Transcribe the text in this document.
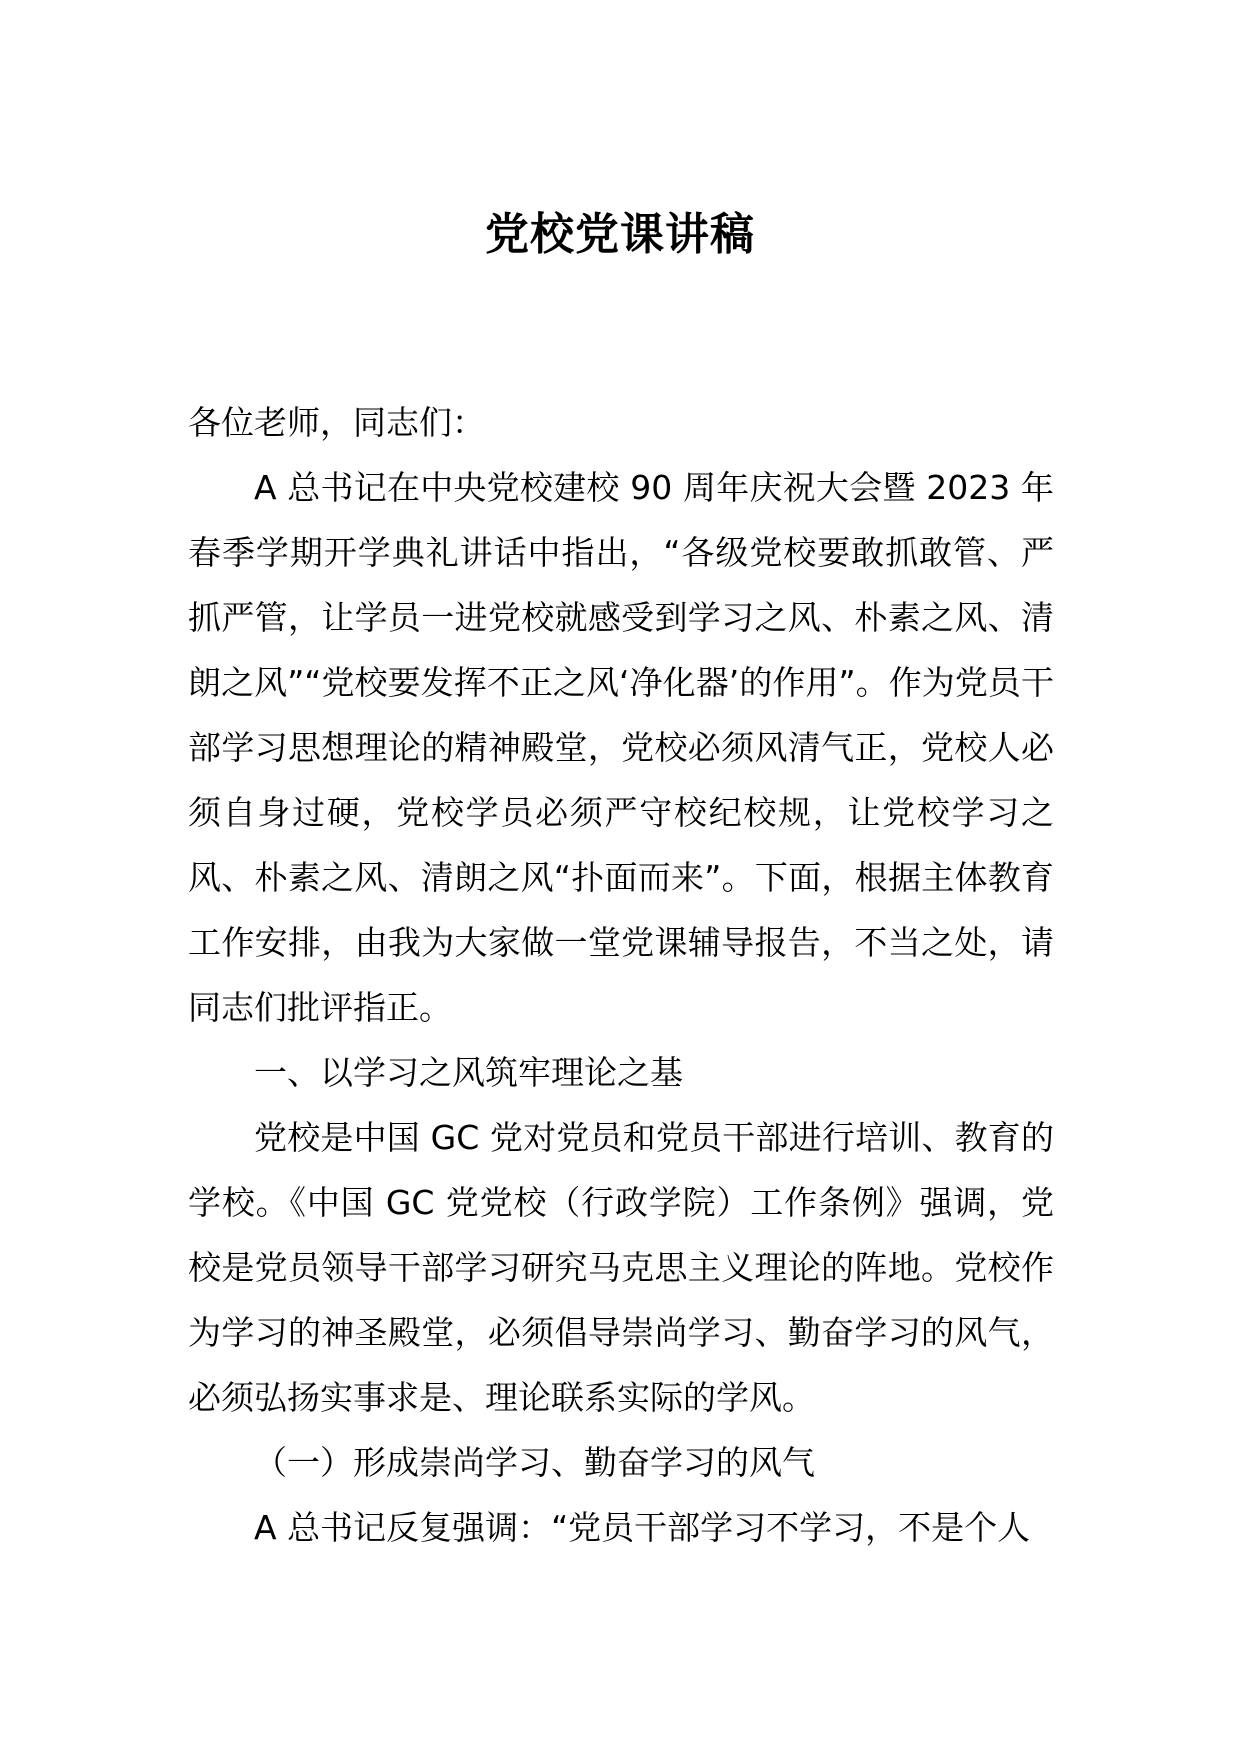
党校党课讲稿

各位老师，同志们：

A 总书记在中央党校建校 90 周年庆祝大会暨 2023 年春季学期开学典礼讲话中指出，“各级党校要敢抓敢管、严抓严管，让学员一进党校就感受到学习之风、朴素之风、清朗之风”“党校要发挥不正之风‘净化器’的作用”。作为党员干部学习思想理论的精神殿堂，党校必须风清气正，党校人必须自身过硬，党校学员必须严守校纪校规，让党校学习之风、朴素之风、清朗之风“扑面而来”。下面，根据主体教育工作安排，由我为大家做一堂党课辅导报告，不当之处，请同志们批评指正。

一、以学习之风筑牢理论之基

党校是中国 GC 党对党员和党员干部进行培训、教育的学校。《中国 GC 党党校（行政学院）工作条例》强调，党校是党员领导干部学习研究马克思主义理论的阵地。党校作为学习的神圣殿堂，必须倡导崇尚学习、勤奋学习的风气，必须弘扬实事求是、理论联系实际的学风。

（一）形成崇尚学习、勤奋学习的风气

A 总书记反复强调：“党员干部学习不学习，不是个人
